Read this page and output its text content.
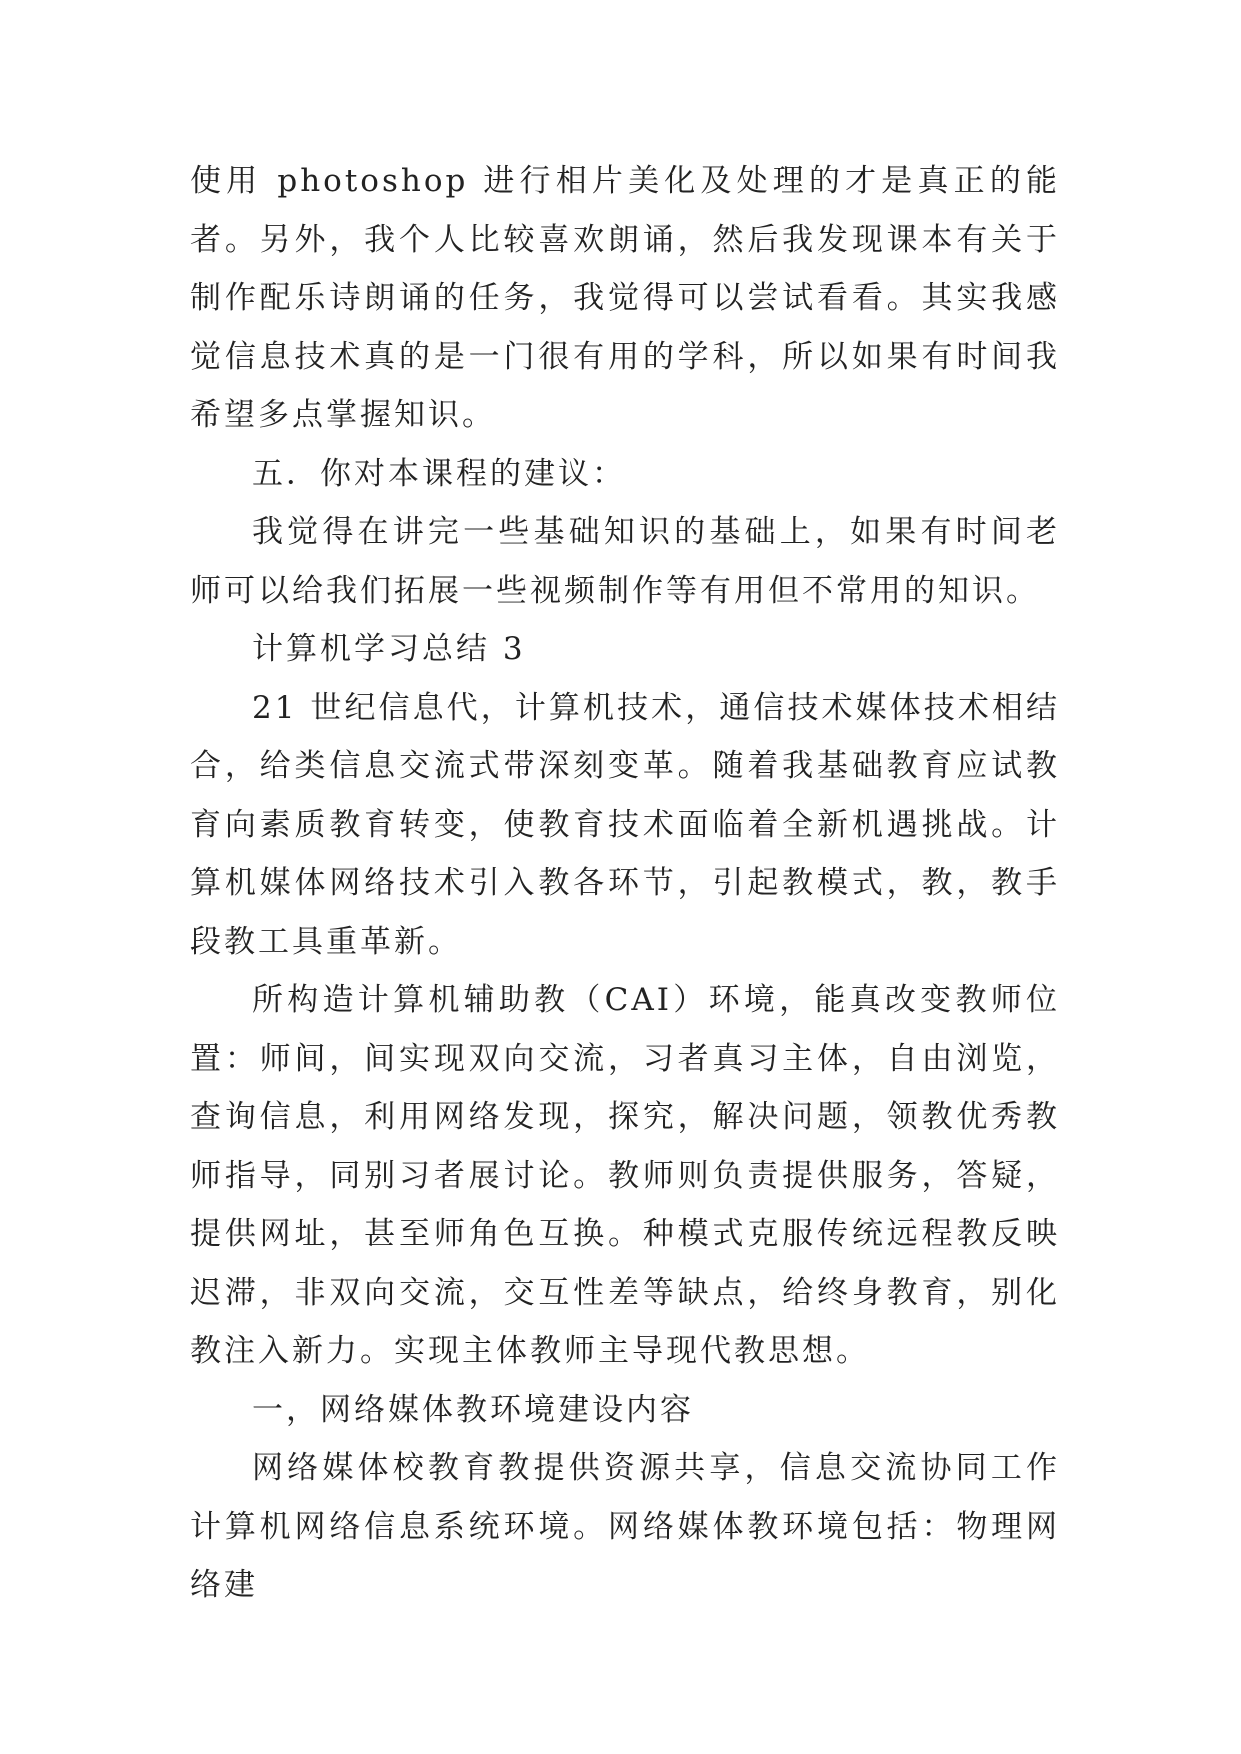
使用 photoshop 进行相片美化及处理的才是真正的能者。另外，我个人比较喜欢朗诵，然后我发现课本有关于制作配乐诗朗诵的任务，我觉得可以尝试看看。其实我感觉信息技术真的是一门很有用的学科，所以如果有时间我希望多点掌握知识。

五．你对本课程的建议：

我觉得在讲完一些基础知识的基础上，如果有时间老师可以给我们拓展一些视频制作等有用但不常用的知识。

计算机学习总结 3

21 世纪信息代，计算机技术，通信技术媒体技术相结合，给类信息交流式带深刻变革。随着我基础教育应试教育向素质教育转变，使教育技术面临着全新机遇挑战。计算机媒体网络技术引入教各环节，引起教模式，教，教手段教工具重革新。

所构造计算机辅助教（CAI）环境，能真改变教师位置：师间，间实现双向交流，习者真习主体，自由浏览，查询信息，利用网络发现，探究，解决问题，领教优秀教师指导，同别习者展讨论。教师则负责提供服务，答疑，提供网址，甚至师角色互换。种模式克服传统远程教反映迟滞，非双向交流，交互性差等缺点，给终身教育，别化教注入新力。实现主体教师主导现代教思想。

一，网络媒体教环境建设内容

网络媒体校教育教提供资源共享，信息交流协同工作计算机网络信息系统环境。网络媒体教环境包括：物理网络建
